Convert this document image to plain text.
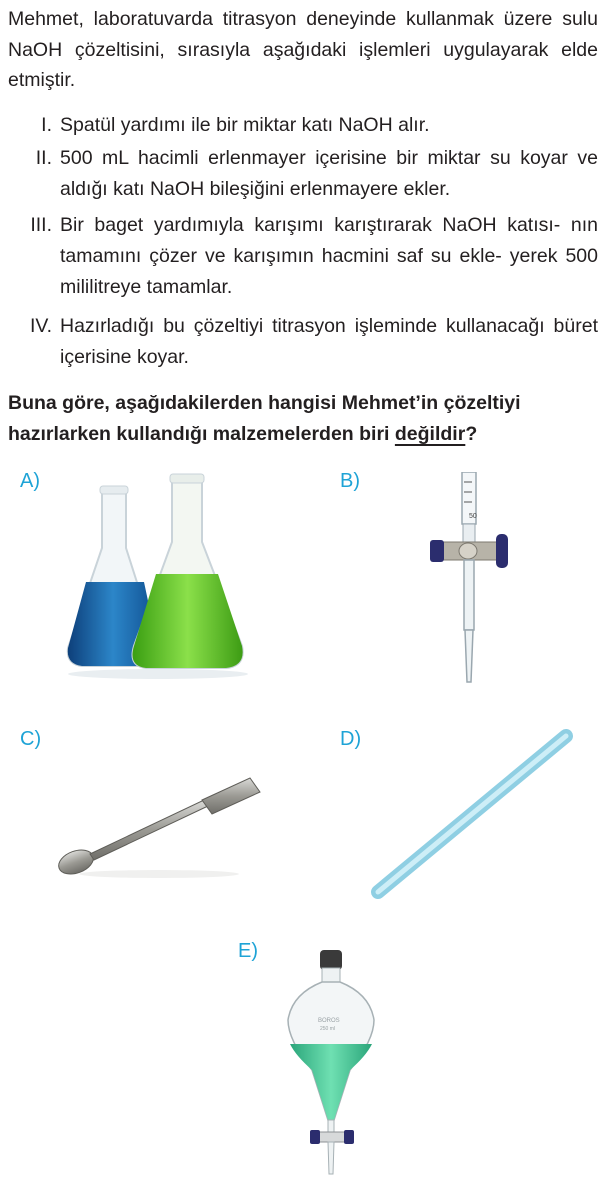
Mehmet, laboratuvarda titrasyon deneyinde kullanmak üzere sulu NaOH çözeltisini, sırasıyla aşağıdaki işlemleri uygulayarak elde etmiştir.
I. Spatül yardımı ile bir miktar katı NaOH alır.
II. 500 mL hacimli erlenmayer içerisine bir miktar su koyar ve aldığı katı NaOH bileşiğini erlenmayere ekler.
III. Bir baget yardımıyla karışımı karıştırarak NaOH katısı- nın tamamını çözer ve karışımın hacmini saf su ekle- yerek 500 mililitreye tamamlar.
IV. Hazırladığı bu çözeltiyi titrasyon işleminde kullanacağı büret içerisine koyar.
Buna göre, aşağıdakilerden hangisi Mehmet’in çözeltiyi hazırlarken kullandığı malzemelerden biri değildir?
A)	B)
50
C)	D)
E)
BOROS
250 ml
